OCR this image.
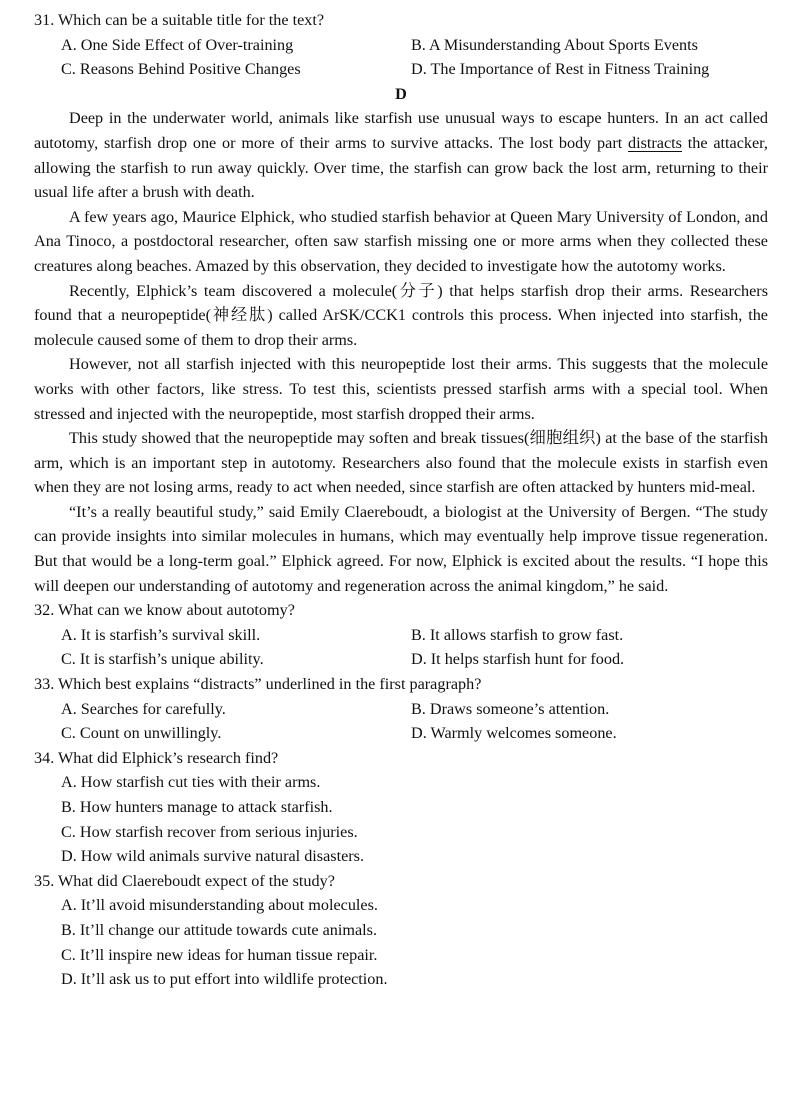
31. Which can be a suitable title for the text?

A. One Side Effect of Over-training	B. A Misunderstanding About Sports Events
C. Reasons Behind Positive Changes	D. The Importance of Rest in Fitness Training

D

Deep in the underwater world, animals like starfish use unusual ways to escape hunters. In an act called autotomy, starfish drop one or more of their arms to survive attacks. The lost body part distracts the attacker, allowing the starfish to run away quickly. Over time, the starfish can grow back the lost arm, returning to their usual life after a brush with death.

A few years ago, Maurice Elphick, who studied starfish behavior at Queen Mary University of London, and Ana Tinoco, a postdoctoral researcher, often saw starfish missing one or more arms when they collected these creatures along beaches. Amazed by this observation, they decided to investigate how the autotomy works.

Recently, Elphick’s team discovered a molecule(分子) that helps starfish drop their arms. Researchers found that a neuropeptide(神经肽) called ArSK/CCK1 controls this process. When injected into starfish, the molecule caused some of them to drop their arms.

However, not all starfish injected with this neuropeptide lost their arms. This suggests that the molecule works with other factors, like stress. To test this, scientists pressed starfish arms with a special tool. When stressed and injected with the neuropeptide, most starfish dropped their arms.

This study showed that the neuropeptide may soften and break tissues(细胞组织) at the base of the starfish arm, which is an important step in autotomy. Researchers also found that the molecule exists in starfish even when they are not losing arms, ready to act when needed, since starfish are often attacked by hunters mid-meal.

“It’s a really beautiful study,” said Emily Claereboudt, a biologist at the University of Bergen. “The study can provide insights into similar molecules in humans, which may eventually help improve tissue regeneration. But that would be a long-term goal.” Elphick agreed. For now, Elphick is excited about the results. “I hope this will deepen our understanding of autotomy and regeneration across the animal kingdom,” he said.

32. What can we know about autotomy?

A. It is starfish’s survival skill.	B. It allows starfish to grow fast.
C. It is starfish’s unique ability.	D. It helps starfish hunt for food.

33. Which best explains “distracts” underlined in the first paragraph?

A. Searches for carefully.	B. Draws someone’s attention.
C. Count on unwillingly.	D. Warmly welcomes someone.

34. What did Elphick’s research find?

A. How starfish cut ties with their arms.
B. How hunters manage to attack starfish.
C. How starfish recover from serious injuries.
D. How wild animals survive natural disasters.

35. What did Claereboudt expect of the study?

A. It’ll avoid misunderstanding about molecules.
B. It’ll change our attitude towards cute animals.
C. It’ll inspire new ideas for human tissue repair.
D. It’ll ask us to put effort into wildlife protection.
